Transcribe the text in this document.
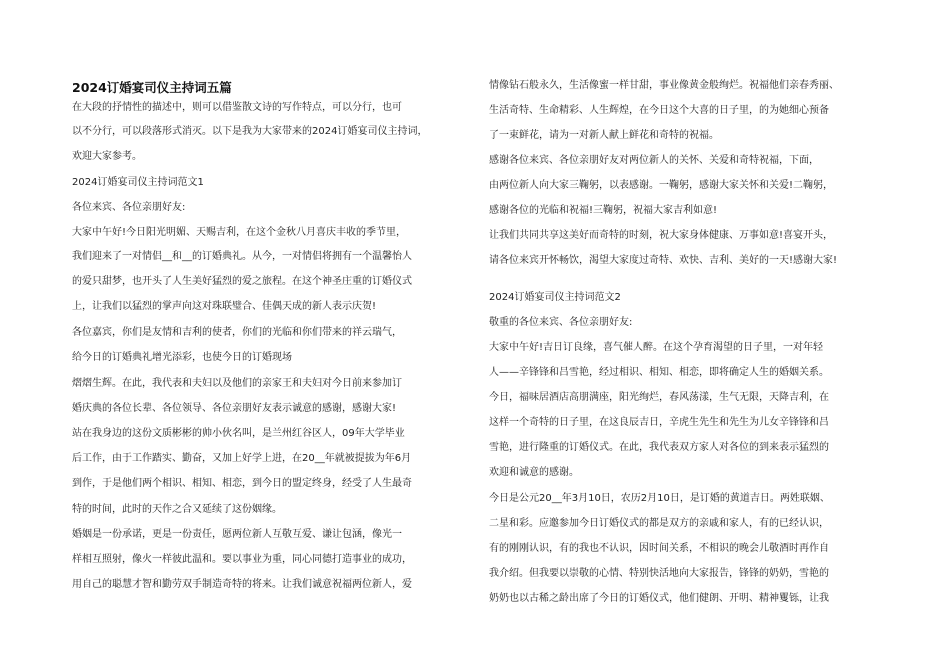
2024订婚宴司仪主持词五篇
在大段的抒情性的描述中，则可以借鉴散文诗的写作特点，可以分行，也可
以不分行，可以段落形式消灭。以下是我为大家带来的2024订婚宴司仪主持词，
欢迎大家参考。
2024订婚宴司仪主持词范文1
各位来宾、各位亲朋好友:
大家中午好!今日阳光明媚、天赐吉利，在这个金秋八月喜庆丰收的季节里，
我们迎来了一对情侣__和__的订婚典礼。从今，一对情侣将拥有一个温馨怡人
的爱只甜梦，也开头了人生美好猛烈的爱之旅程。在这个神圣庄重的订婚仪式
上，让我们以猛烈的掌声向这对珠联璧合、佳偶天成的新人表示庆贺!
各位嘉宾，你们是友情和吉利的使者，你们的光临和你们带来的祥云瑞气，
给今日的订婚典礼增光添彩，也使今日的订婚现场
熠熠生辉。在此，我代表和夫妇以及他们的亲家王和夫妇对今日前来参加订
婚庆典的各位长辈、各位领导、各位亲朋好友表示诚意的感谢，感谢大家!
站在我身边的这份文质彬彬的帅小伙名叫，是兰州红谷区人，09年大学毕业
后工作，由于工作踏实、勤奋，又加上好学上进，在20__年就被提拔为年6月
到作，于是他们两个相识、相知、相恋，到今日的盟定终身，经受了人生最奇
特的时间，此时的天作之合又延续了这份姻缘。
婚姻是一份承诺，更是一份责任，愿两位新人互敬互爱、谦让包涵，像光一
样相互照射，像火一样彼此温和。要以事业为重，同心同德打造事业的成功，
用自己的聪慧才智和勤劳双手制造奇特的将来。让我们诚意祝福两位新人，爱
情像钻石般永久，生活像蜜一样甘甜，事业像黄金般绚烂。祝福他们亲春秀丽、
生活奇特、生命精彩、人生辉煌，在今日这个大喜的日子里，的为她细心预备
了一束鲜花，请为一对新人献上鲜花和奇特的祝福。
感谢各位来宾、各位亲朋好友对两位新人的关怀、关爱和奇特祝福，下面，
由两位新人向大家三鞠躬，以表感谢。一鞠躬，感谢大家关怀和关爱!二鞠躬，
感谢各位的光临和祝福!三鞠躬，祝福大家吉利如意!
让我们共同共享这美好而奇特的时刻，祝大家身体健康、万事如意!喜宴开头，
请各位来宾开怀畅饮，渴望大家度过奇特、欢快、吉利、美好的一天!感谢大家!
2024订婚宴司仪主持词范文2
敬重的各位来宾、各位亲朋好友:
大家中午好!吉日订良缘，喜气催人醉。在这个孕育渴望的日子里，一对年轻
人——辛锋锋和吕雪艳，经过相识、相知、相恋，即将确定人生的婚姻关系。
今日，福味居酒店高朋满座，阳光绚烂，春风荡漾，生气无限，天降吉利，在
这样一个奇特的日子里，在这良辰吉日，辛虎生先生和先生为儿女辛锋锋和吕
雪艳，进行隆重的订婚仪式。在此，我代表双方家人对各位的到来表示猛烈的
欢迎和诚意的感谢。
今日是公元20__年3月10日，农历2月10日，是订婚的黄道吉日。两姓联姻、
二星和彩。应邀参加今日订婚仪式的都是双方的亲戚和家人，有的已经认识，
有的刚刚认识，有的我也不认识，因时间关系，不相识的晚会儿敬酒时再作自
我介绍。但我要以崇敬的心情、特别快活地向大家报告，锋锋的奶奶，雪艳的
奶奶也以古稀之龄出席了今日的订婚仪式，他们健朗、开明、精神矍铄，让我
